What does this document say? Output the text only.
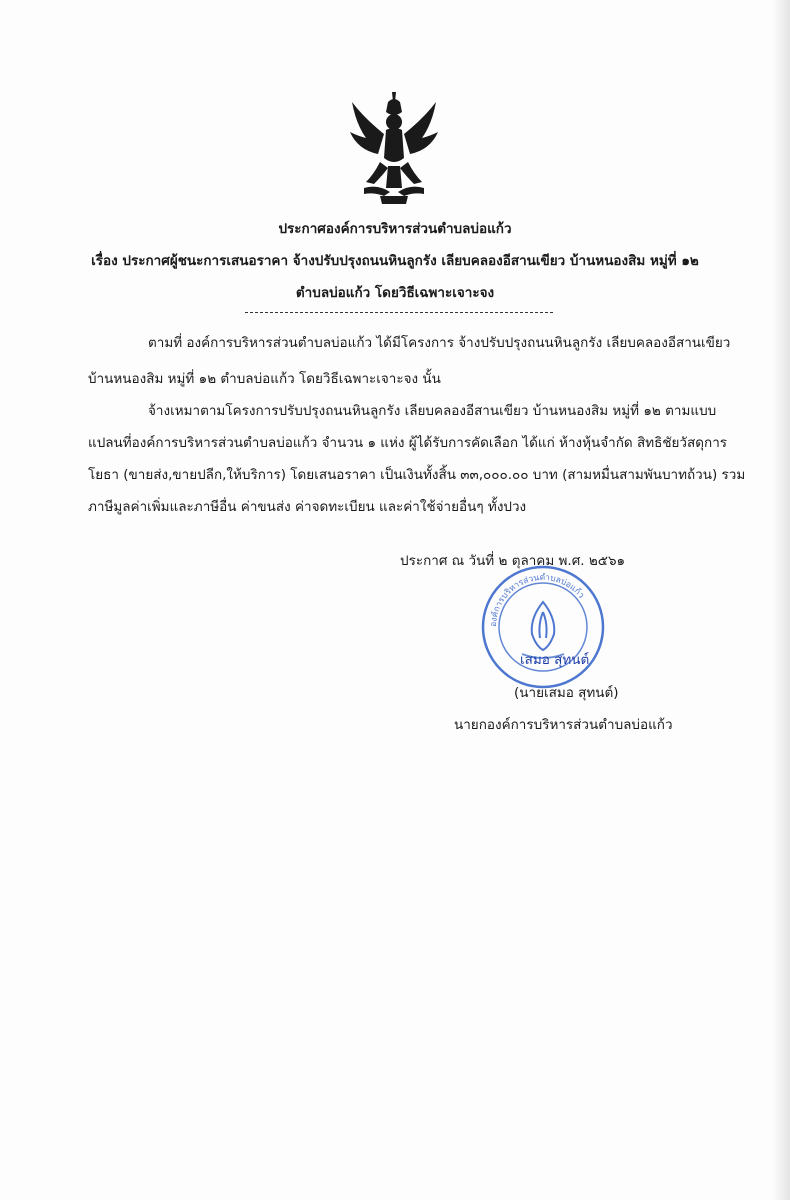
ประกาศองค์การบริหารส่วนตำบลบ่อแก้ว
เรื่อง ประกาศผู้ชนะการเสนอราคา จ้างปรับปรุงถนนหินลูกรัง เลียบคลองอีสานเขียว บ้านหนองสิม หมู่ที่ ๑๒
ตำบลบ่อแก้ว โดยวิธีเฉพาะเจาะจง
ตามที่ องค์การบริหารส่วนตำบลบ่อแก้ว ได้มีโครงการ จ้างปรับปรุงถนนหินลูกรัง เลียบคลองอีสานเขียว
บ้านหนองสิม หมู่ที่ ๑๒ ตำบลบ่อแก้ว โดยวิธีเฉพาะเจาะจง นั้น
จ้างเหมาตามโครงการปรับปรุงถนนหินลูกรัง เลียบคลองอีสานเขียว บ้านหนองสิม หมู่ที่ ๑๒ ตามแบบ
แปลนที่องค์การบริหารส่วนตำบลบ่อแก้ว จำนวน ๑ แห่ง ผู้ได้รับการคัดเลือก ได้แก่ ห้างหุ้นจำกัด สิทธิชัยวัสดุการ
โยธา (ขายส่ง,ขายปลีก,ให้บริการ) โดยเสนอราคา เป็นเงินทั้งสิ้น ๓๓,๐๐๐.๐๐ บาท (สามหมื่นสามพันบาทถ้วน) รวม
ภาษีมูลค่าเพิ่มและภาษีอื่น ค่าขนส่ง ค่าจดทะเบียน และค่าใช้จ่ายอื่นๆ ทั้งปวง
ประกาศ ณ วันที่ ๒ ตุลาคม พ.ศ. ๒๕๖๑
องค์การบริหารส่วนตำบลบ่อแก้ว
เสมอ สุทนต์
(นายเสมอ สุทนต์)
นายกองค์การบริหารส่วนตำบลบ่อแก้ว
